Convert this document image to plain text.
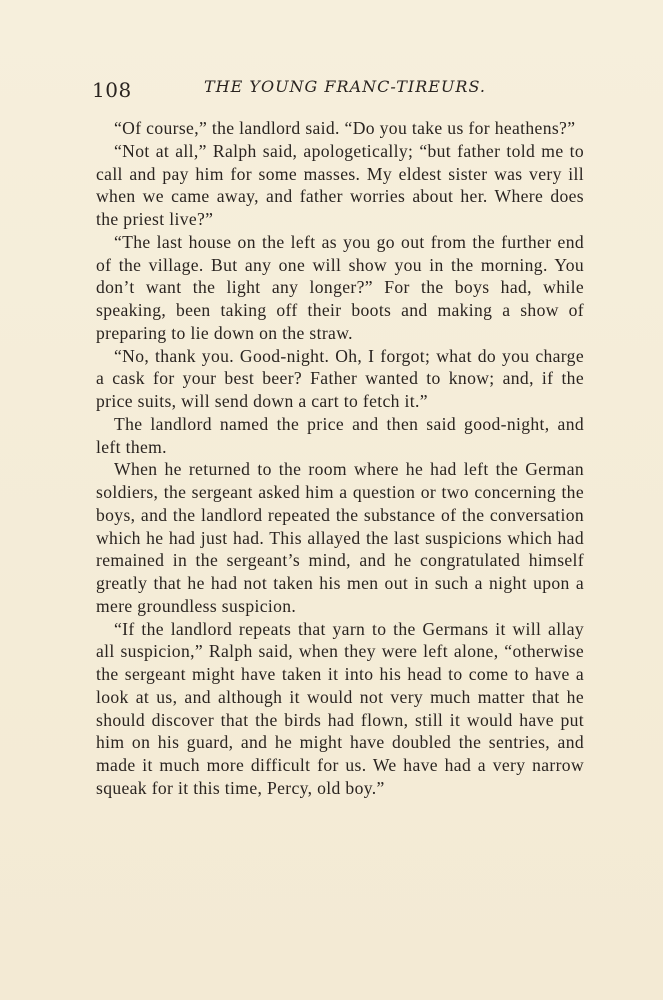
108	THE YOUNG FRANC-TIREURS.

“Of course,” the landlord said. “Do you take us for heathens?”

“Not at all,” Ralph said, apologetically; “but father told me to call and pay him for some masses. My eldest sister was very ill when we came away, and father worries about her. Where does the priest live?”

“The last house on the left as you go out from the further end of the village. But any one will show you in the morning. You don’t want the light any longer?” For the boys had, while speaking, been taking off their boots and making a show of preparing to lie down on the straw.

“No, thank you. Good-night. Oh, I forgot; what do you charge a cask for your best beer? Father wanted to know; and, if the price suits, will send down a cart to fetch it.”

The landlord named the price and then said good-night, and left them.

When he returned to the room where he had left the German soldiers, the sergeant asked him a question or two concerning the boys, and the landlord repeated the substance of the conversation which he had just had. This allayed the last suspicions which had remained in the sergeant’s mind, and he congratulated himself greatly that he had not taken his men out in such a night upon a mere groundless suspicion.

“If the landlord repeats that yarn to the Germans it will allay all suspicion,” Ralph said, when they were left alone, “otherwise the sergeant might have taken it into his head to come to have a look at us, and although it would not very much matter that he should discover that the birds had flown, still it would have put him on his guard, and he might have doubled the sentries, and made it much more difficult for us. We have had a very narrow squeak for it this time, Percy, old boy.”
